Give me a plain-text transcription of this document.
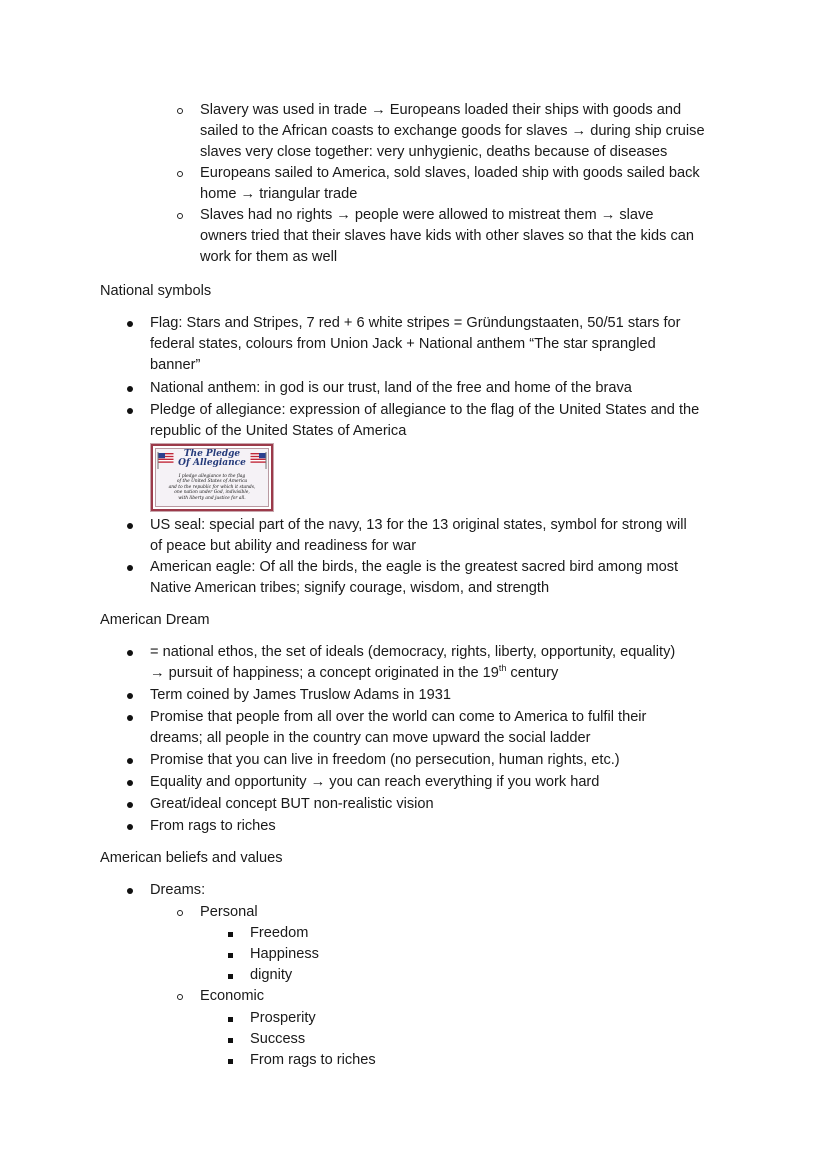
Slavery was used in trade → Europeans loaded their ships with goods and
sailed to the African coasts to exchange goods for slaves → during ship cruise
slaves very close together: very unhygienic, deaths because of diseases
Europeans sailed to America, sold slaves, loaded ship with goods sailed back
home → triangular trade
Slaves had no rights → people were allowed to mistreat them → slave
owners tried that their slaves have kids with other slaves so that the kids can
work for them as well
National symbols
Flag: Stars and Stripes, 7 red + 6 white stripes = Gründungstaaten, 50/51 stars for
federal states, colours from Union Jack + National anthem “The star sprangled
banner”
National anthem: in god is our trust, land of the free and home of the brava
Pledge of allegiance: expression of allegiance to the flag of the United States and the
republic of the United States of America
The Pledge
Of Allegiance
I pledge allegiance to the flag
of the United States of America
and to the republic for which it stands,
one nation under God, indivisible,
with liberty and justice for all.
US seal: special part of the navy, 13 for the 13 original states, symbol for strong will
of peace but ability and readiness for war
American eagle: Of all the birds, the eagle is the greatest sacred bird among most
Native American tribes; signify courage, wisdom, and strength
American Dream
= national ethos, the set of ideals (democracy, rights, liberty, opportunity, equality)
→ pursuit of happiness; a concept originated in the 19th century
Term coined by James Truslow Adams in 1931
Promise that people from all over the world can come to America to fulfil their
dreams; all people in the country can move upward the social ladder
Promise that you can live in freedom (no persecution, human rights, etc.)
Equality and opportunity → you can reach everything if you work hard
Great/ideal concept BUT non-realistic vision
From rags to riches
American beliefs and values
Dreams:
Personal
Freedom
Happiness
dignity
Economic
Prosperity
Success
From rags to riches
